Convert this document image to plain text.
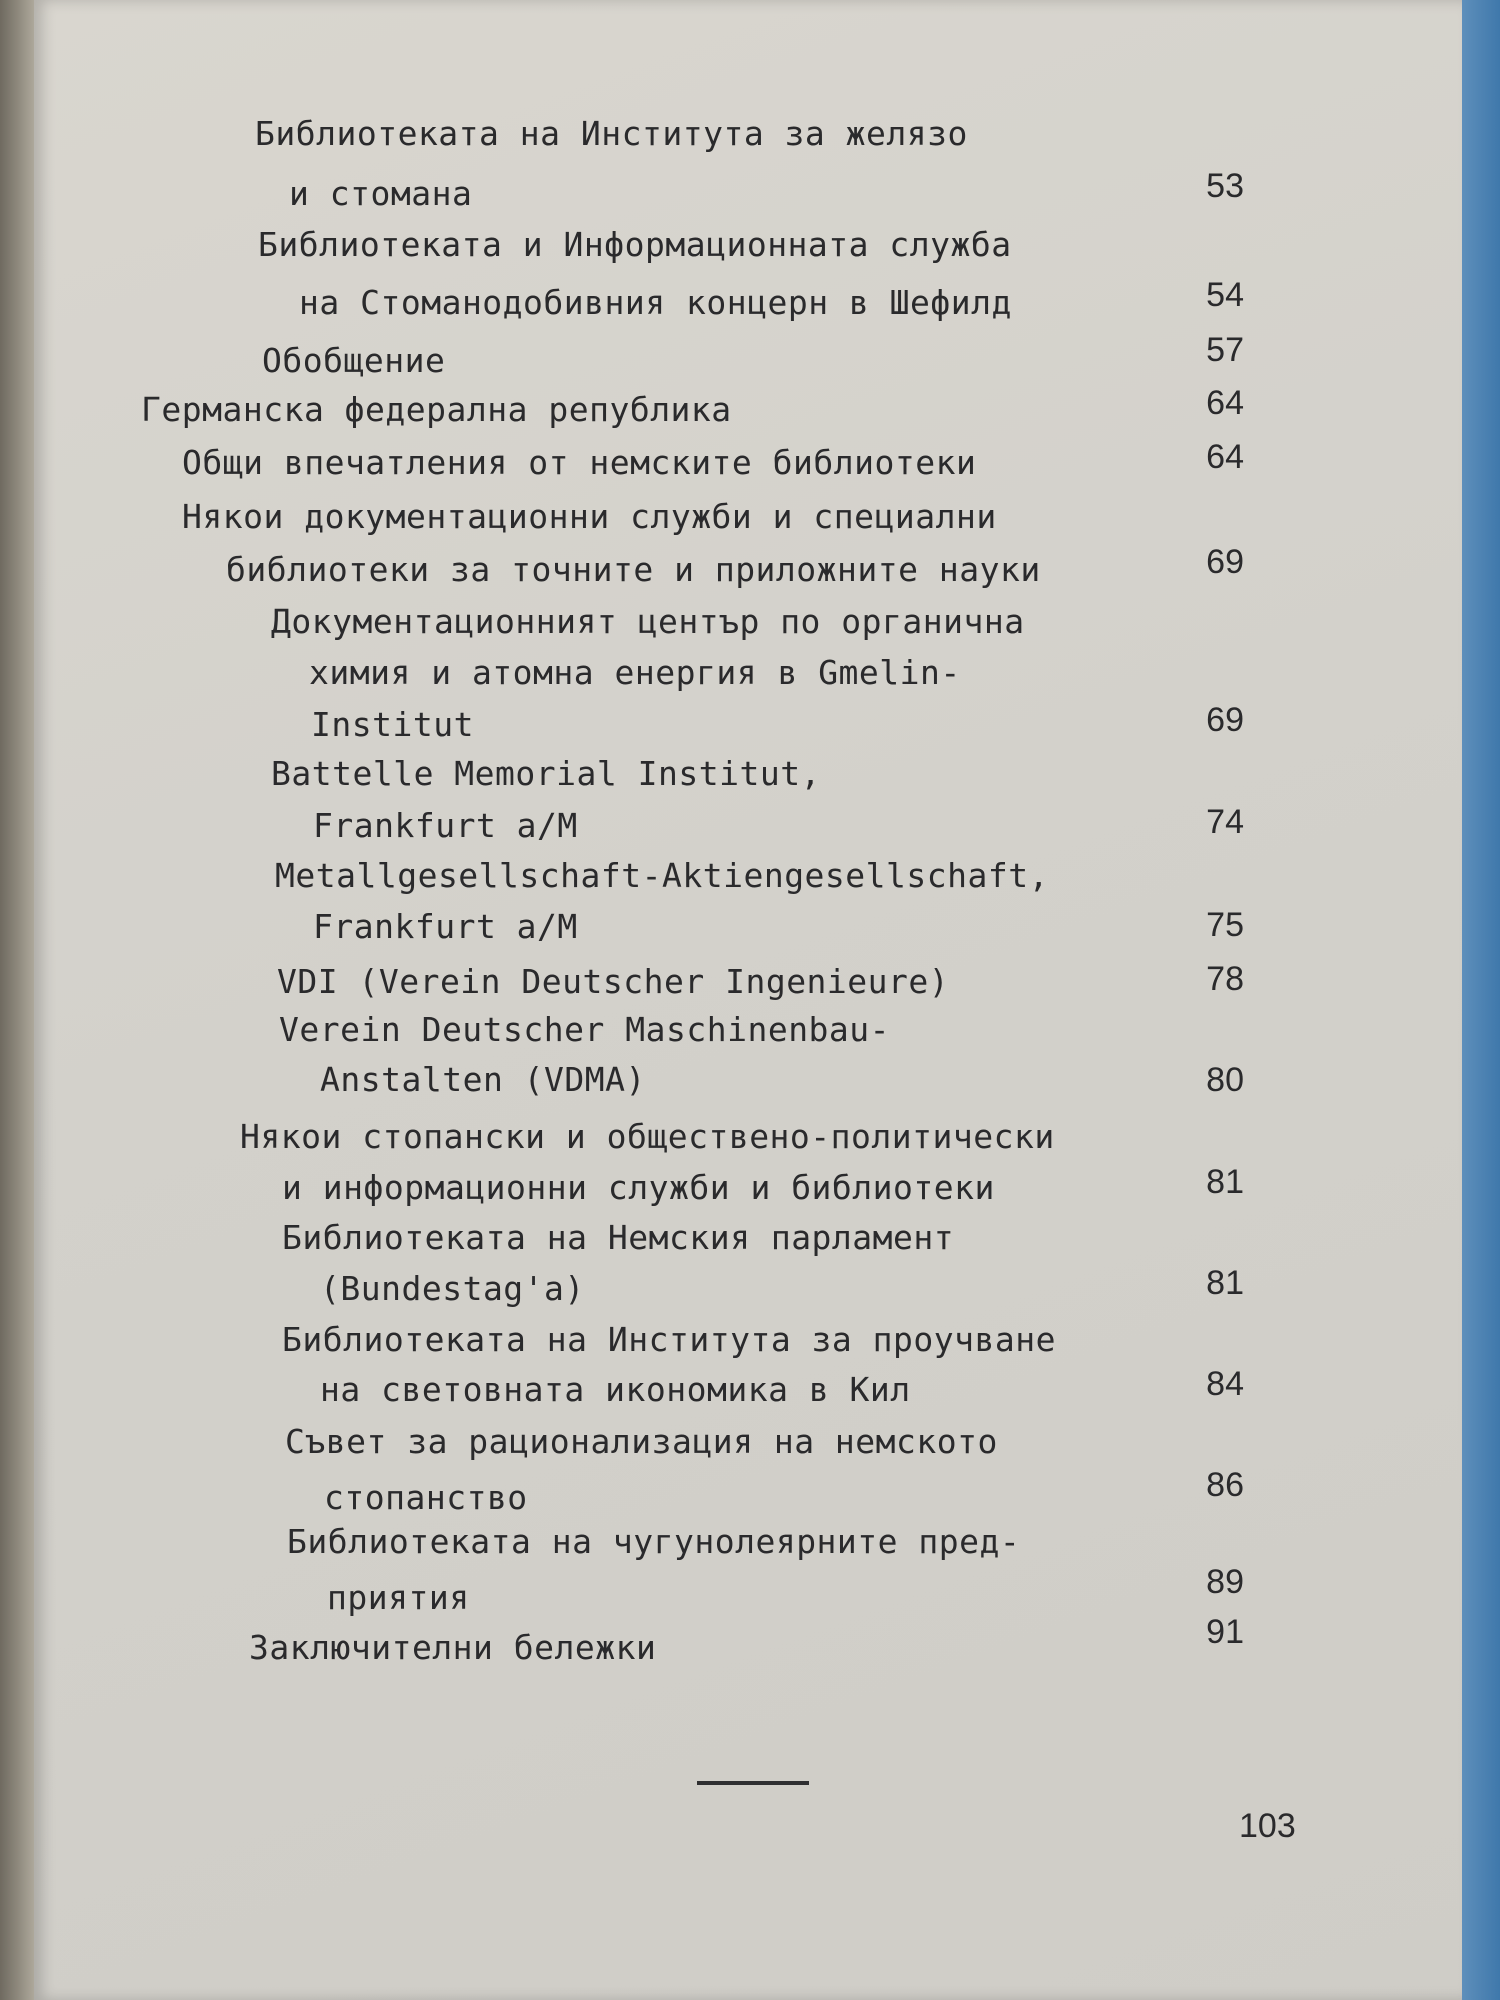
Библиотеката на Института за желязо
и стомана	53
Библиотеката и Информационната служба
на Стоманодобивния концерн в Шефилд	54
Обобщение	57
Германска федерална република	64
Общи впечатления от немските библиотеки	64
Някои документационни служби и специални
библиотеки за точните и приложните науки	69
Документационният център по органична
химия и атомна енергия в Gmelin-
Institut	69
Battelle Memorial Institut,
Frankfurt a/M	74
Metallgesellschaft-Aktiengesellschaft,
Frankfurt a/M	75
VDI (Verein Deutscher Ingenieure)	78
Verein Deutscher Maschinenbau-
Anstalten (VDMA)	80
Някои стопански и обществено-политически
и информационни служби и библиотеки	81
Библиотеката на Немския парламент
(Bundestag'a)	81
Библиотеката на Института за проучване
на световната икономика в Кил	84
Съвет за рационализация на немското
стопанство	86
Библиотеката на чугунолеярните пред-
приятия	89
Заключителни бележки	91
103
